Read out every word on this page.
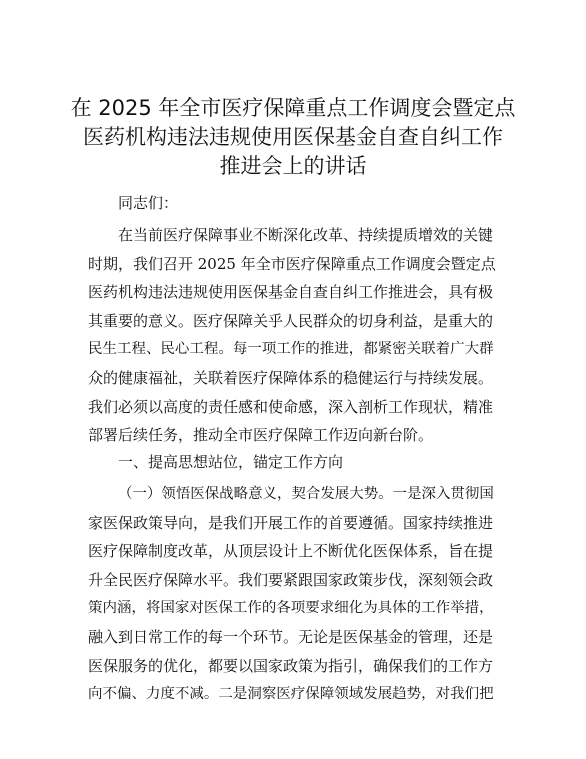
在 2025 年全市医疗保障重点工作调度会暨定点
医药机构违法违规使用医保基金自查自纠工作
推进会上的讲话
同志们：
在当前医疗保障事业不断深化改革、持续提质增效的关键
时期，我们召开 2025 年全市医疗保障重点工作调度会暨定点
医药机构违法违规使用医保基金自查自纠工作推进会，具有极
其重要的意义。医疗保障关乎人民群众的切身利益，是重大的
民生工程、民心工程。每一项工作的推进，都紧密关联着广大群
众的健康福祉，关联着医疗保障体系的稳健运行与持续发展。
我们必须以高度的责任感和使命感，深入剖析工作现状，精准
部署后续任务，推动全市医疗保障工作迈向新台阶。
一、提高思想站位，锚定工作方向
（一）领悟医保战略意义，契合发展大势。一是深入贯彻国
家医保政策导向，是我们开展工作的首要遵循。国家持续推进
医疗保障制度改革，从顶层设计上不断优化医保体系，旨在提
升全民医疗保障水平。我们要紧跟国家政策步伐，深刻领会政
策内涵，将国家对医保工作的各项要求细化为具体的工作举措，
融入到日常工作的每一个环节。无论是医保基金的管理，还是
医保服务的优化，都要以国家政策为指引，确保我们的工作方
向不偏、力度不减。二是洞察医疗保障领域发展趋势，对我们把
